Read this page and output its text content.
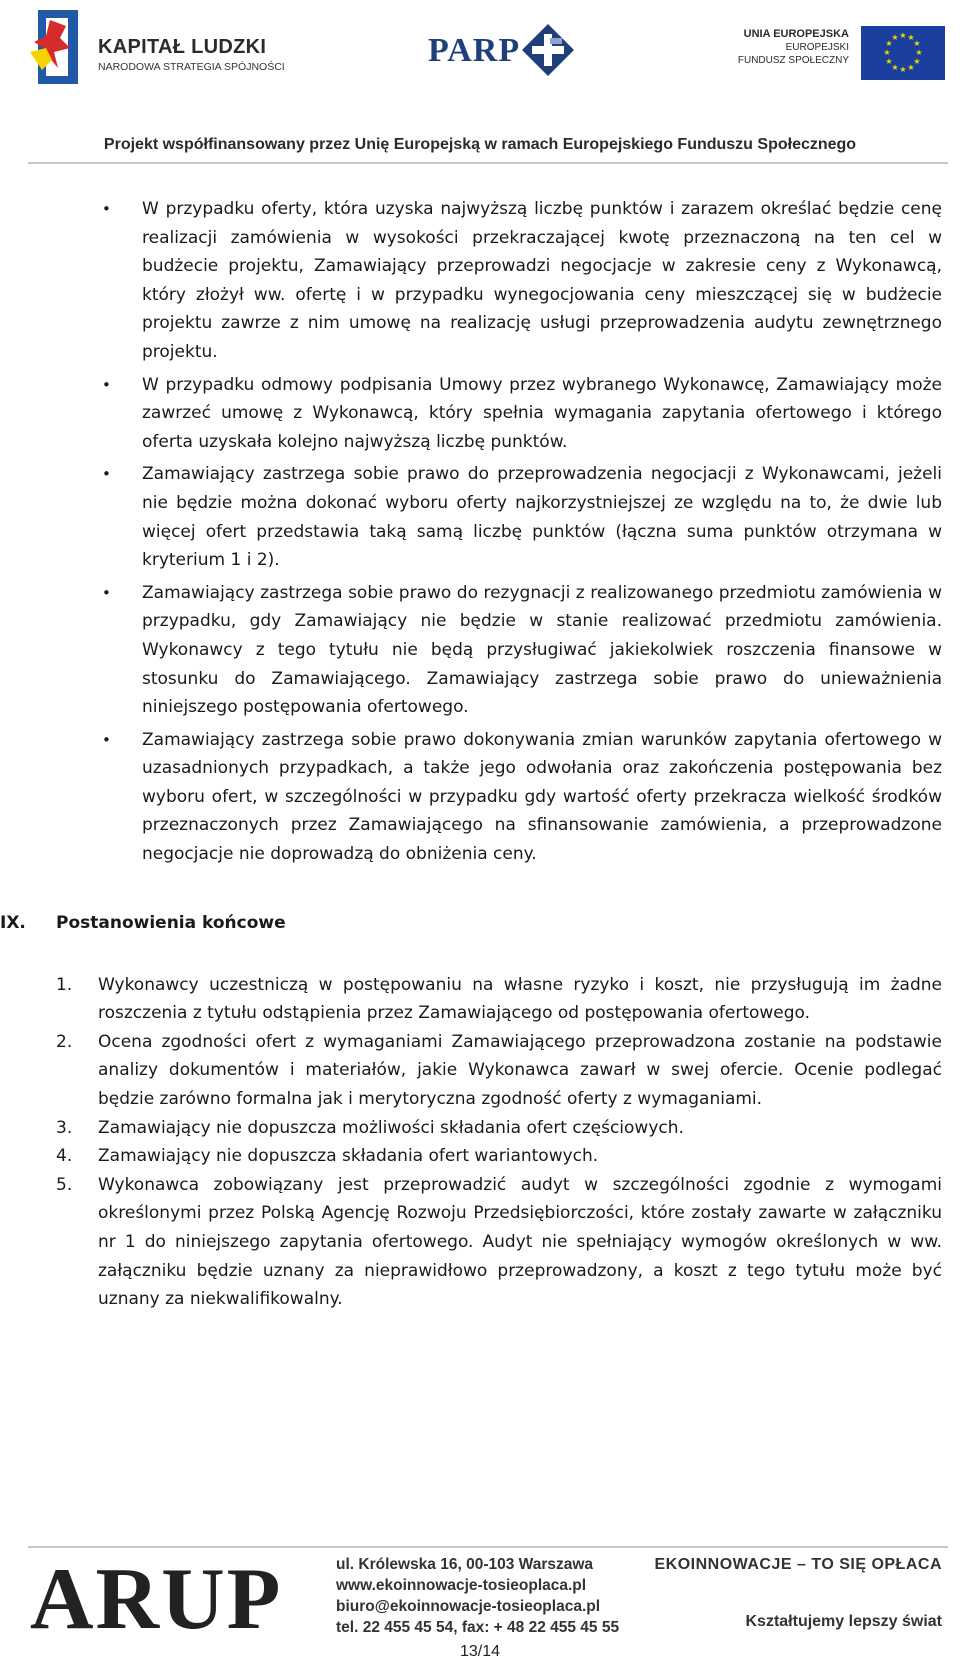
KAPITAŁ LUDZKI
NARODOWA STRATEGIA SPÓJNOŚCI	PARP	UNIA EUROPEJSKA
EUROPEJSKI
FUNDUSZ SPOŁECZNY
★ ★
★
★
★
★
★
★
★
★
★
★
Projekt współfinansowany przez Unię Europejską w ramach Europejskiego Funduszu Społecznego
• W przypadku oferty, która uzyska najwyższą liczbę punktów i zarazem określać będzie cenę realizacji zamówienia w wysokości przekraczającej kwotę przeznaczoną na ten cel w budżecie projektu, Zamawiający przeprowadzi negocjacje w zakresie ceny z Wykonawcą, który złożył ww. ofertę i w przypadku wynegocjowania ceny mieszczącej się w budżecie projektu zawrze z nim umowę na realizację usługi przeprowadzenia audytu zewnętrznego projektu.
• W przypadku odmowy podpisania Umowy przez wybranego Wykonawcę, Zamawiający może zawrzeć umowę z Wykonawcą, który spełnia wymagania zapytania ofertowego i którego oferta uzyskała kolejno najwyższą liczbę punktów.
• Zamawiający zastrzega sobie prawo do przeprowadzenia negocjacji z Wykonawcami, jeżeli nie będzie można dokonać wyboru oferty najkorzystniejszej ze względu na to, że dwie lub więcej ofert przedstawia taką samą liczbę punktów (łączna suma punktów otrzymana w kryterium 1 i 2).
• Zamawiający zastrzega sobie prawo do rezygnacji z realizowanego przedmiotu zamówienia w przypadku, gdy Zamawiający nie będzie w stanie realizować przedmiotu zamówienia. Wykonawcy z tego tytułu nie będą przysługiwać jakiekolwiek roszczenia finansowe w stosunku do Zamawiającego. Zamawiający zastrzega sobie prawo do unieważnienia niniejszego postępowania ofertowego.
• Zamawiający zastrzega sobie prawo dokonywania zmian warunków zapytania ofertowego w uzasadnionych przypadkach, a także jego odwołania oraz zakończenia postępowania bez wyboru ofert, w szczególności w przypadku gdy wartość oferty przekracza wielkość środków przeznaczonych przez Zamawiającego na sfinansowanie zamówienia, a przeprowadzone negocjacje nie doprowadzą do obniżenia ceny.
IX. Postanowienia końcowe
1. Wykonawcy uczestniczą w postępowaniu na własne ryzyko i koszt, nie przysługują im żadne roszczenia z tytułu odstąpienia przez Zamawiającego od postępowania ofertowego.
2. Ocena zgodności ofert z wymaganiami Zamawiającego przeprowadzona zostanie na podstawie analizy dokumentów i materiałów, jakie Wykonawca zawarł w swej ofercie. Ocenie podlegać będzie zarówno formalna jak i merytoryczna zgodność oferty z wymaganiami.
3. Zamawiający nie dopuszcza możliwości składania ofert częściowych.
4. Zamawiający nie dopuszcza składania ofert wariantowych.
5. Wykonawca zobowiązany jest przeprowadzić audyt w szczególności zgodnie z wymogami określonymi przez Polską Agencję Rozwoju Przedsiębiorczości, które zostały zawarte w załączniku nr 1 do niniejszego zapytania ofertowego. Audyt nie spełniający wymogów określonych w ww. załączniku będzie uznany za nieprawidłowo przeprowadzony, a koszt z tego tytułu może być uznany za niekwalifikowalny.
ARUP	ul. Królewska 16, 00-103 Warszawa
www.ekoinnowacje-tosieoplaca.pl
biuro@ekoinnowacje-tosieoplaca.pl
tel. 22 455 45 54, fax: + 48 22 455 45 55
EKOINNOWACJE – TO SIĘ OPŁACA
Kształtujemy lepszy świat
13/14
